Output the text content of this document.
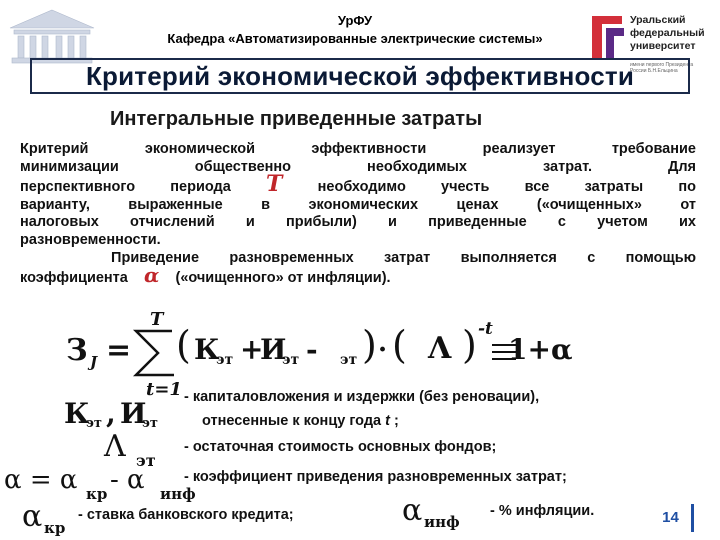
УрФУ
Кафедра «Автоматизированные электрические системы»
Уральский
федеральный
университет
имени первого Президента России Б.Н.Ельцина
Критерий экономической эффективности
Интегральные приведенные затраты
Критерий экономической эффективности реализует требование
минимизации общественно необходимых затрат. Для
перспективного периода T необходимо учесть все затраты по
варианту, выраженные в экономических ценах («очищенных» от
налоговых отчислений и прибыли) и приведенные с учетом их
разновременности.
Приведение разновременных затрат выполняется с помощью
коэффициента α («очищенного» от инфляции).
T
З J = ( К
эт +
И
эт - эт ) · ( Λ ) -t
1+α
t=1
К
эт , И
эт
- капиталовложения и издержки (без реновации),
отнесенные к концу года t ;
Λ эт
- остаточная стоимость основных фондов;
α = α кр - α инф
- коэффициент приведения разновременных затрат;
α кр
- ставка банковского кредита;	α инф
- % инфляции.	14
